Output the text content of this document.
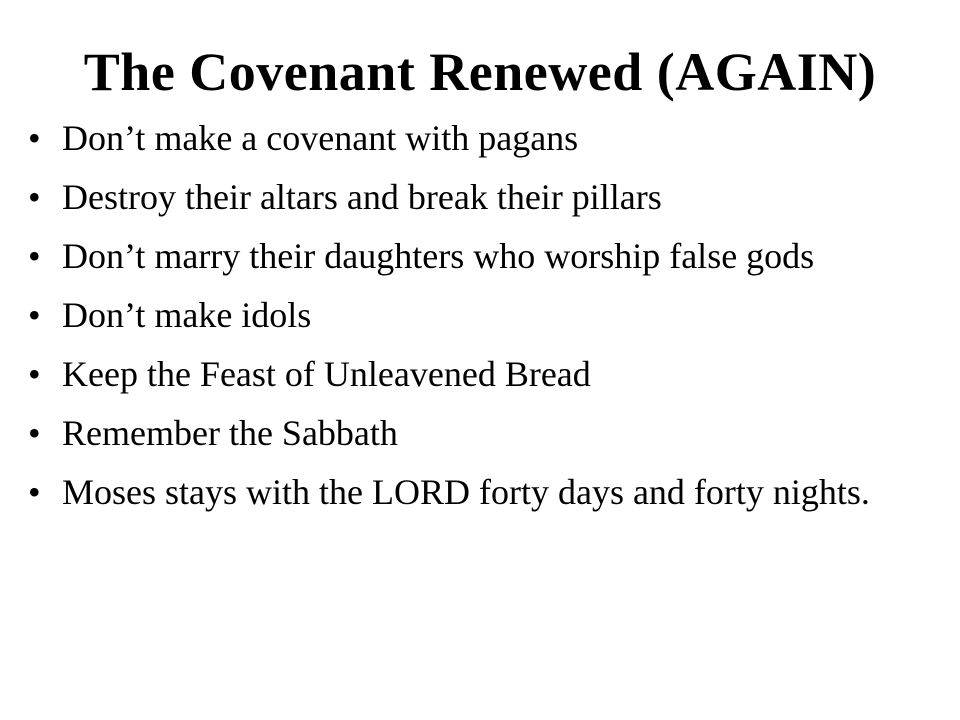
The Covenant Renewed (AGAIN)
• Don’t make a covenant with pagans
• Destroy their altars and break their pillars
• Don’t marry their daughters who worship false gods
• Don’t make idols
• Keep the Feast of Unleavened Bread
• Remember the Sabbath
• Moses stays with the LORD forty days and forty nights.
